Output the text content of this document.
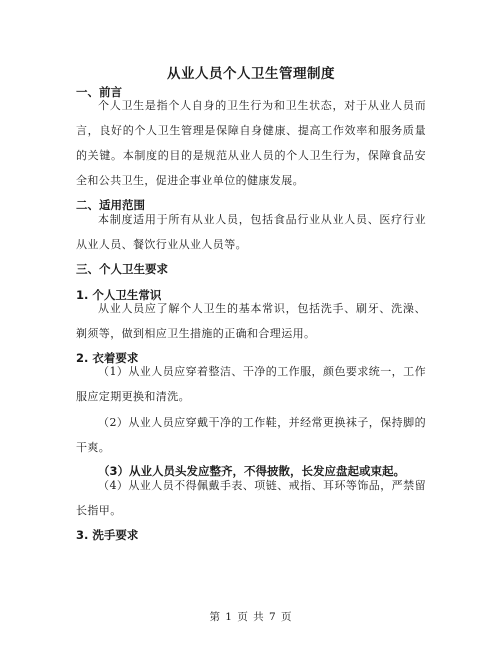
从业人员个人卫生管理制度
一、前言
个人卫生是指个人自身的卫生行为和卫生状态，对于从业人员而言，良好的个人卫生管理是保障自身健康、提高工作效率和服务质量的关键。本制度的目的是规范从业人员的个人卫生行为，保障食品安全和公共卫生，促进企事业单位的健康发展。
二、适用范围
本制度适用于所有从业人员，包括食品行业从业人员、医疗行业从业人员、餐饮行业从业人员等。
三、个人卫生要求
1. 个人卫生常识
从业人员应了解个人卫生的基本常识，包括洗手、刷牙、洗澡、剃须等，做到相应卫生措施的正确和合理运用。
2. 衣着要求
（1）从业人员应穿着整洁、干净的工作服，颜色要求统一，工作服应定期更换和清洗。
（2）从业人员应穿戴干净的工作鞋，并经常更换袜子，保持脚的干爽。
（3）从业人员头发应整齐，不得披散，长发应盘起或束起。
（4）从业人员不得佩戴手表、项链、戒指、耳环等饰品，严禁留长指甲。
3. 洗手要求
第 1 页 共 7 页
